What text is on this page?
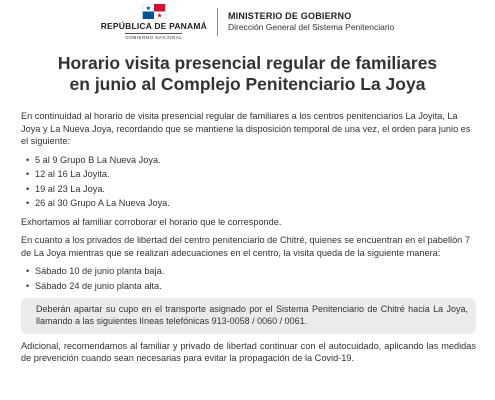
REPÚBLICA DE PANAMÁ
GOBIERNO NACIONAL
MINISTERIO DE GOBIERNO
Dirección General del Sistema Penitenciario
Horario visita presencial regular de familiares
en junio al Complejo Penitenciario La Joya

En continuidad al horario de visita presencial regular de familiares a los centros penitenciarios La Joyita, La Joya y La Nueva Joya, recordando que se mantiene la disposición temporal de una vez, el orden para junio es el siguiente:

• 5 al 9 Grupo B La Nueva Joya.
• 12 al 16 La Joyita.
• 19 al 23 La Joya.
• 26 al 30 Grupo A La Nueva Joya.

Exhortamos al familiar corroborar el horario que le corresponde.

En cuanto a los privados de libertad del centro penitenciario de Chitré, quienes se encuentran en el pabellón 7 de La Joya mientras que se realizan adecuaciones en el centro, la visita queda de la siguiente manera:

• Sábado 10 de junio planta baja.
• Sábado 24 de junio planta alta.
Deberán apartar su cupo en el transporte asignado por el Sistema Penitenciario de Chitré hacia La Joya, llamando a las siguientes líneas telefónicas 913-0058 / 0060 / 0061.

Adicional, recomendamos al familiar y privado de libertad continuar con el autocuidado, aplicando las medidas de prevención cuando sean necesarias para evitar la propagación de la Covid-19.
